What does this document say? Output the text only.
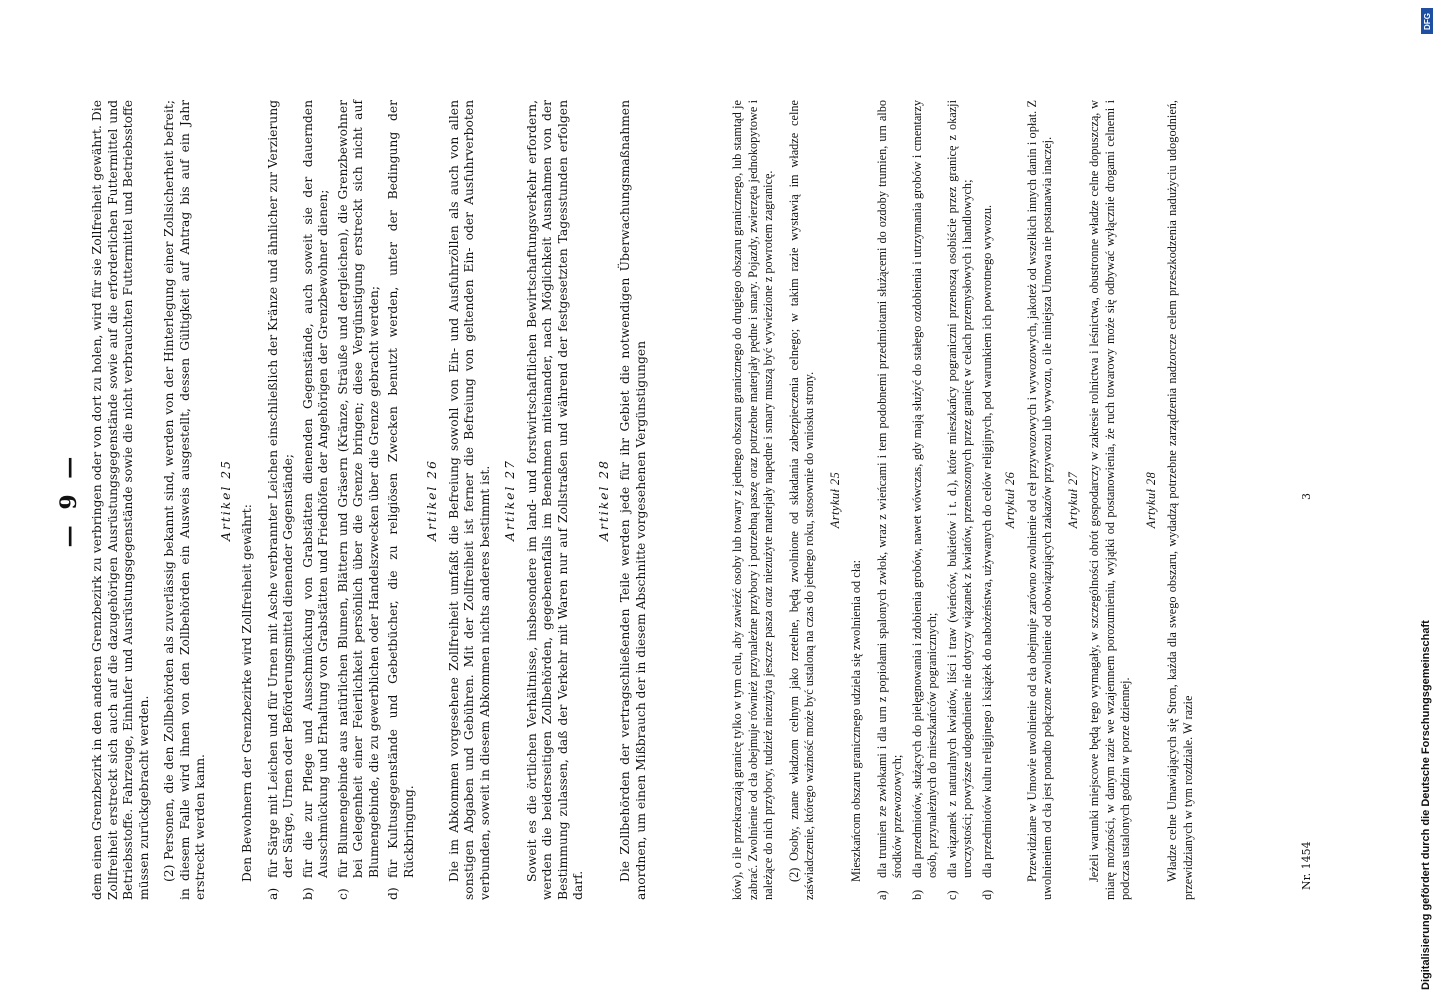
— 9 — dem einen Grenzbezirk in den anderen Grenzbezirk zu verbringen oder von dort zu holen, wird für sie Zollfreiheit gewährt. Die Zollfreiheit erstreckt sich auch auf die dazugehörigen Ausrüstungsgegenstände sowie auf die erforderlichen Futtermittel und Betriebsstoffe. Fahrzeuge, Einhufer und Ausrüstungsgegenstände sowie die nicht verbrauchten Futtermittel und Betriebsstoffe müssen zurückgebracht werden. (2) Personen, die den Zollbehörden als zuverlässig bekannt sind, werden von der Hinterlegung einer Zollsicherheit befreit; in diesem Falle wird ihnen von den Zollbehörden ein Ausweis ausgestellt, dessen Gültigkeit auf Antrag bis auf ein Jahr erstreckt werden kann.

Artikel 25

Den Bewohnern der Grenzbezirke wird Zollfreiheit gewährt:

a)
für Särge mit Leichen und für Urnen mit Asche verbrannter Leichen einschließlich der Kränze und ähnlicher zur Verzierung der Särge, Urnen oder Beförderungsmittel dienender Gegenstände;
b)
für die zur Pflege und Ausschmückung von Grabstätten dienenden Gegenstände, auch soweit sie der dauernden Ausschmückung und Erhaltung von Grabstätten und Friedhöfen der Angehörigen der Grenzbewohner dienen;
c)
für Blumengebinde aus natürlichen Blumen, Blättern und Gräsern (Kränze, Sträuße und dergleichen), die Grenzbewohner bei Gelegenheit einer Feierlichkeit persönlich über die Grenze bringen; diese Vergünstigung erstreckt sich nicht auf Blumengebinde, die zu gewerblichen oder Handelszwecken über die Grenze gebracht werden;
d)
für Kultusgegenstände und Gebetbücher, die zu religiösen Zwecken benutzt werden, unter der Bedingung der Rückbringung.
Artikel 26 Die im Abkommen vorgesehene Zollfreiheit umfaßt die Befreiung sowohl von Ein- und Ausfuhrzöllen als auch von allen sonstigen Abgaben und Gebühren. Mit der Zollfreiheit ist ferner die Befreiung von geltenden Ein- oder Ausfuhrverboten verbunden, soweit in diesem Abkommen nichts anderes bestimmt ist. Artikel 27 Soweit es die örtlichen Verhältnisse, insbesondere im land- und forstwirtschaftlichen Bewirtschaftungsverkehr erfordern, werden die beiderseitigen Zollbehörden, gegebenenfalls im Benehmen miteinander, nach Möglichkeit Ausnahmen von der Bestimmung zulassen, daß der Verkehr mit Waren nur auf Zollstraßen und während der festgesetzten Tagesstunden erfolgen darf.

Artikel 28 Die Zollbehörden der vertragschließenden Teile werden jede für ihr Gebiet die notwendigen Überwachungsmaßnahmen anordnen, um einen Mißbrauch der in diesem Abschnitte vorgesehenen Vergünstigungen	ków), o ile przekraczają granicę tylko w tym celu, aby zawieźć osoby lub towary z jednego obszaru granicznego do drugiego obszaru granicznego, lub stamtąd je zabrać. Zwolnienie od cła obejmuje również przynależne przybory i potrzebną paszę oraz potrzebne materjały pędne i smary. Pojazdy, zwierzęta jednokopytowe i należące do nich przybory, tudzież niezużyta jeszcze pasza oraz niezużyte materjały napędne i smary muszą być wywiezione z powrotem zagranicę. (2) Osoby, znane władzom celnym jako rzetelne, będą zwolnione od składania zabezpieczenia celnego; w takim razie wystawią im władze celne zaświadczenie, którego ważność może być ustaloną na czas do jednego roku, stosownie do wniosku strony. Artykuł 25

Mieszkańcom obszaru granicznego udziela się zwolnienia od cła:

a)
dla trumien ze zwłokami i dla urn z popiołami spalonych zwłok, wraz z wieńcami i tem podobnemi przedmiotami służącemi do ozdoby trumien, urn albo środków przewozowych;
b)
dla przedmiotów, służących do pielęgnowania i zdobienia grobów, nawet wówczas, gdy mają służyć do stałego ozdobienia i utrzymania grobów i cmentarzy osób, przynależnych do mieszkańców pogranicznych;
c)
dla wiązanek z naturalnych kwiatów, liści i traw (wieńców, bukietów i t. d.), które mieszkańcy pograniczni przenoszą osobiście przez granicę z okazji uroczystości; powyższe udogodnienie nie dotyczy wiązanek z kwiatów, przenoszonych przez granicę w celach przemysłowych i handlowych;
d)
dla przedmiotów kultu religijnego i książek do nabożeństwa, używanych do celów religijnych, pod warunkiem ich powrotnego wywozu. Artykuł 26 Przewidziane w Umowie uwolnienie od cła obejmuje zarówno zwolnienie od ceł przywozowych i wywozowych, jakoteż od wszelkich innych danin i opłat. Z uwolnieniem od cła jest ponadto połączone zwolnienie od obowiązujących zakazów przywozu lub wywozu, o ile niniejsza Umowa nie postanawia inaczej. Artykuł 27 Jeżeli warunki miejscowe będą tego wymagały, w szczególności obrót gospodarczy w zakresie rolnictwa i leśnictwa, obustronne władze celne dopuszczą, w miarę możności, w danym razie we wzajemnem porozumieniu, wyjątki od postanowienia, że ruch towarowy może się odbywać wyłącznie drogami celnemi i podczas ustalonych godzin w porze dziennej.

Artykuł 28 Władze celne Umawiających się Stron, każda dla swego obszaru, wydadzą potrzebne zarządzenia nadzorcze celem przeszkodzenia nadużyciu udogodnień, przewidzianych w tym rozdziale. W razie	Nr. 1454
3
Digitalisierung gefördert durch die Deutsche Forschungsgemeinschaft
DFG
